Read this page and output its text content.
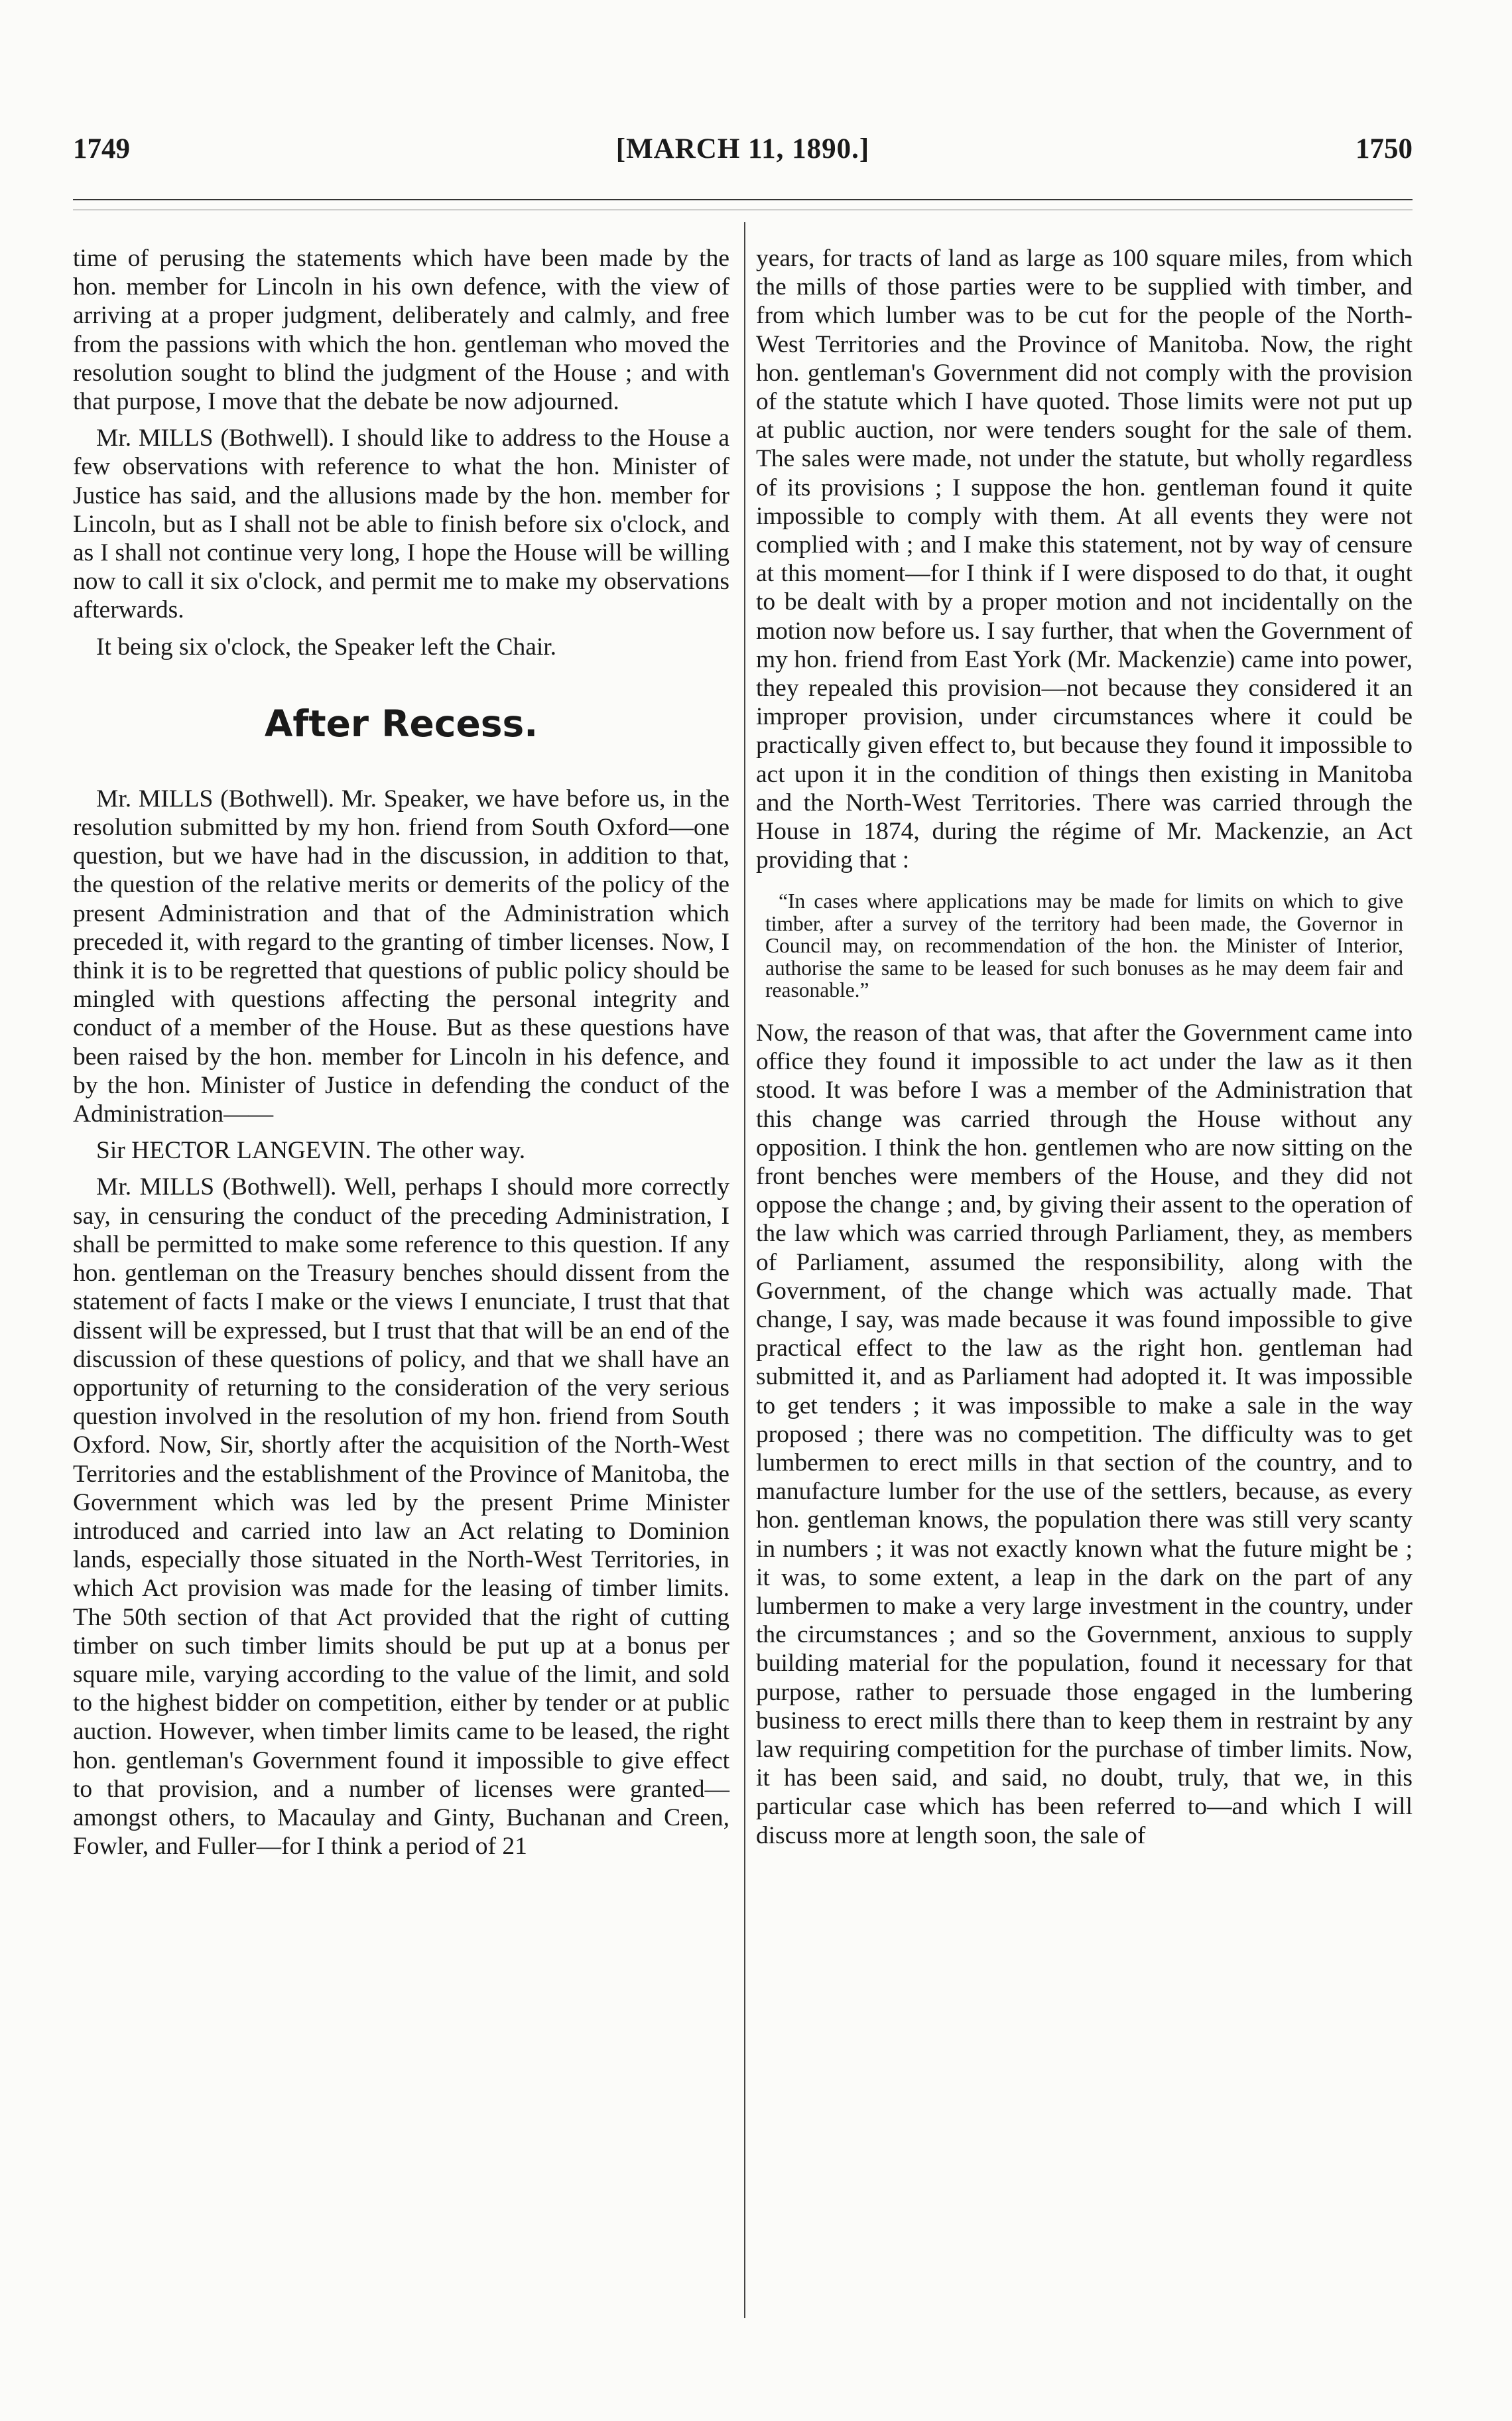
1749	[MARCH 11, 1890.]	1750

time of perusing the statements which have been made by the hon. member for Lincoln in his own defence, with the view of arriving at a proper judgment, deliberately and calmly, and free from the passions with which the hon. gentleman who moved the resolution sought to blind the judgment of the House ; and with that purpose, I move that the debate be now adjourned.

Mr. MILLS (Bothwell). I should like to address to the House a few observations with reference to what the hon. Minister of Justice has said, and the allusions made by the hon. member for Lincoln, but as I shall not be able to finish before six o'clock, and as I shall not continue very long, I hope the House will be willing now to call it six o'clock, and permit me to make my observations afterwards.

It being six o'clock, the Speaker left the Chair.

After Recess.

Mr. MILLS (Bothwell). Mr. Speaker, we have before us, in the resolution submitted by my hon. friend from South Oxford—one question, but we have had in the discussion, in addition to that, the question of the relative merits or demerits of the policy of the present Administration and that of the Administration which preceded it, with regard to the granting of timber licenses. Now, I think it is to be regretted that questions of public policy should be mingled with questions affecting the personal integrity and conduct of a member of the House. But as these questions have been raised by the hon. member for Lincoln in his defence, and by the hon. Minister of Justice in defending the conduct of the Administration——

Sir HECTOR LANGEVIN. The other way.

Mr. MILLS (Bothwell). Well, perhaps I should more correctly say, in censuring the conduct of the preceding Administration, I shall be permitted to make some reference to this question. If any hon. gentleman on the Treasury benches should dissent from the statement of facts I make or the views I enunciate, I trust that that dissent will be expressed, but I trust that that will be an end of the discussion of these questions of policy, and that we shall have an opportunity of returning to the consideration of the very serious question involved in the resolution of my hon. friend from South Oxford. Now, Sir, shortly after the acquisition of the North-West Territories and the establishment of the Province of Manitoba, the Government which was led by the present Prime Minister introduced and carried into law an Act relating to Dominion lands, especially those situated in the North-West Territories, in which Act provision was made for the leasing of timber limits. The 50th section of that Act provided that the right of cutting timber on such timber limits should be put up at a bonus per square mile, varying according to the value of the limit, and sold to the highest bidder on competition, either by tender or at public auction. However, when timber limits came to be leased, the right hon. gentleman's Government found it impossible to give effect to that provision, and a number of licenses were granted—amongst others, to Macaulay and Ginty, Buchanan and Creen, Fowler, and Fuller—for I think a period of 21

years, for tracts of land as large as 100 square miles, from which the mills of those parties were to be supplied with timber, and from which lumber was to be cut for the people of the North-West Territories and the Province of Manitoba. Now, the right hon. gentleman's Government did not comply with the provision of the statute which I have quoted. Those limits were not put up at public auction, nor were tenders sought for the sale of them. The sales were made, not under the statute, but wholly regardless of its provisions ; I suppose the hon. gentleman found it quite impossible to comply with them. At all events they were not complied with ; and I make this statement, not by way of censure at this moment—for I think if I were disposed to do that, it ought to be dealt with by a proper motion and not incidentally on the motion now before us. I say further, that when the Government of my hon. friend from East York (Mr. Mackenzie) came into power, they repealed this provision—not because they considered it an improper provision, under circumstances where it could be practically given effect to, but because they found it impossible to act upon it in the condition of things then existing in Manitoba and the North-West Territories. There was carried through the House in 1874, during the régime of Mr. Mackenzie, an Act providing that :

“In cases where applications may be made for limits on which to give timber, after a survey of the territory had been made, the Governor in Council may, on recommendation of the hon. the Minister of Interior, authorise the same to be leased for such bonuses as he may deem fair and reasonable.”

Now, the reason of that was, that after the Government came into office they found it impossible to act under the law as it then stood. It was before I was a member of the Administration that this change was carried through the House without any opposition. I think the hon. gentlemen who are now sitting on the front benches were members of the House, and they did not oppose the change ; and, by giving their assent to the operation of the law which was carried through Parliament, they, as members of Parliament, assumed the responsibility, along with the Government, of the change which was actually made. That change, I say, was made because it was found impossible to give practical effect to the law as the right hon. gentleman had submitted it, and as Parliament had adopted it. It was impossible to get tenders ; it was impossible to make a sale in the way proposed ; there was no competition. The difficulty was to get lumbermen to erect mills in that section of the country, and to manufacture lumber for the use of the settlers, because, as every hon. gentleman knows, the population there was still very scanty in numbers ; it was not exactly known what the future might be ; it was, to some extent, a leap in the dark on the part of any lumbermen to make a very large investment in the country, under the circumstances ; and so the Government, anxious to supply building material for the population, found it necessary for that purpose, rather to persuade those engaged in the lumbering business to erect mills there than to keep them in restraint by any law requiring competition for the purchase of timber limits. Now, it has been said, and said, no doubt, truly, that we, in this particular case which has been referred to—and which I will discuss more at length soon, the sale of
